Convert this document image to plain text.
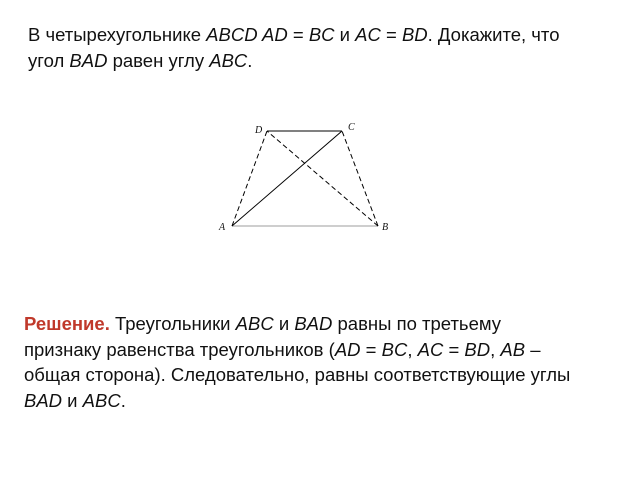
В четырехугольнике ABCD AD = BC и AC = BD. Докажите, что
угол BAD равен углу ABC.
A	B
C
D
Решение. Треугольники ABC и BAD равны по третьему
признаку равенства треугольников (AD = BC, AC = BD, AB –
общая сторона). Следовательно, равны соответствующие углы
BAD и ABC.
